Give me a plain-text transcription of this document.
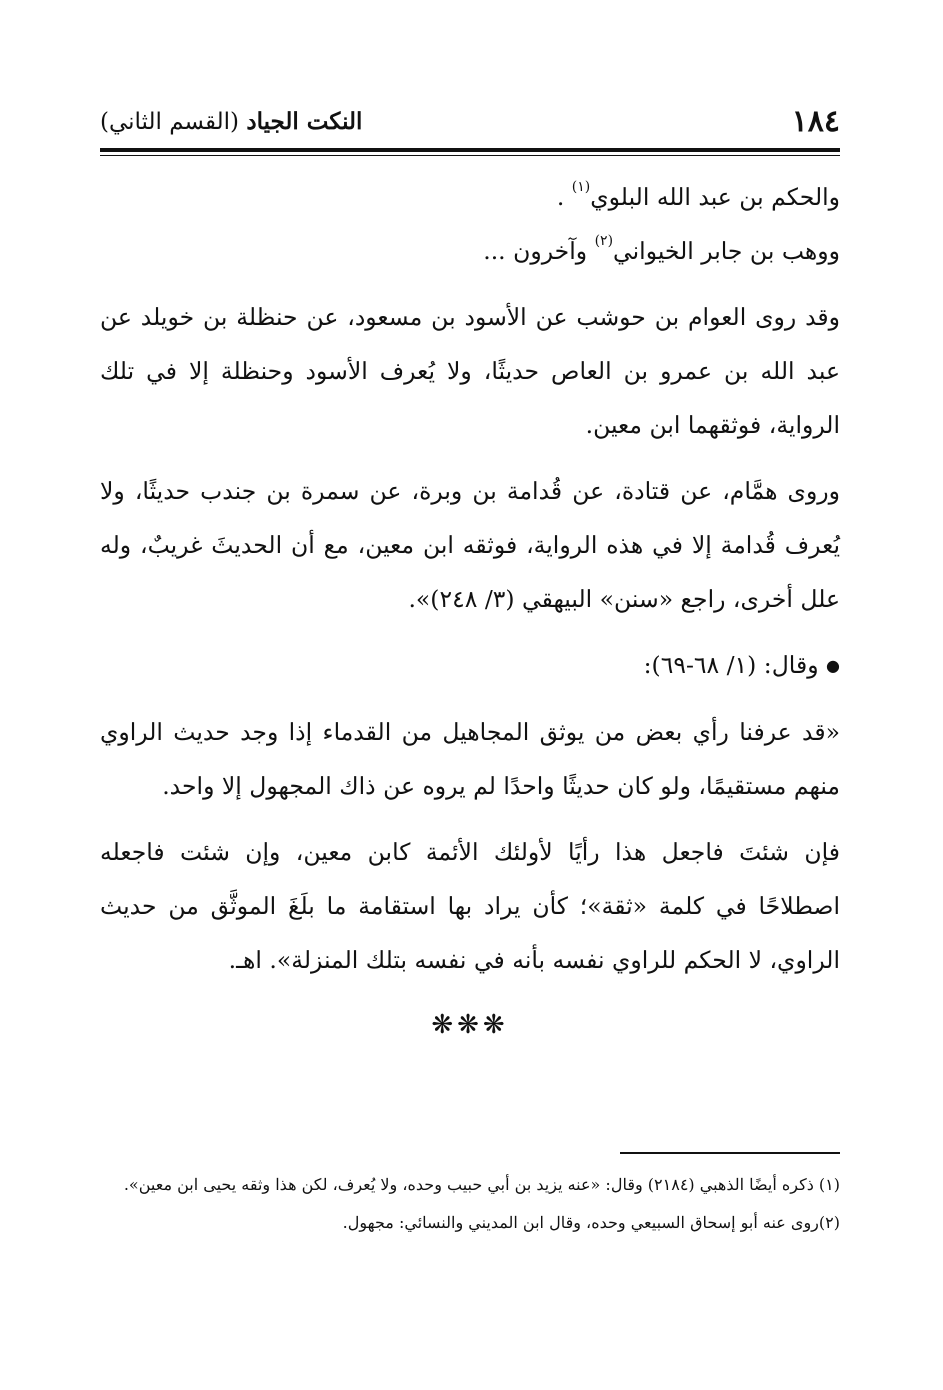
١٨٤
النكت الجياد (القسم الثاني)

والحكم بن عبد الله البلوي$^{(١)}$ .

ووهب بن جابر الخيواني$^{(٢)}$ وآخرون ...

وقد روى العوام بن حوشب عن الأسود بن مسعود، عن حنظلة بن خويلد عن عبد الله بن عمرو بن العاص حديثًا، ولا يُعرف الأسود وحنظلة إلا في تلك الرواية، فوثقهما ابن معين.

وروى همَّام، عن قتادة، عن قُدامة بن وبرة، عن سمرة بن جندب حديثًا، ولا يُعرف قُدامة إلا في هذه الرواية، فوثقه ابن معين، مع أن الحديثَ غريبٌ، وله علل أخرى، راجع «سنن» البيهقي (٣/ ٢٤٨)».

● وقال: (١/ ٦٨-٦٩):

«قد عرفنا رأي بعض من يوثق المجاهيل من القدماء إذا وجد حديث الراوي منهم مستقيمًا، ولو كان حديثًا واحدًا لم يروه عن ذاك المجهول إلا واحد.

فإن شئتَ فاجعل هذا رأيًا لأولئك الأئمة كابن معين، وإن شئت فاجعله اصطلاحًا في كلمة «ثقة»؛ كأن يراد بها استقامة ما بلَغَ الموثَّق من حديث الراوي، لا الحكم للراوي نفسه بأنه في نفسه بتلك المنزلة». اهـ.

❋❋❋

(١) ذكره أيضًا الذهبي (٢١٨٤) وقال: «عنه يزيد بن أبي حبيب وحده، ولا يُعرف، لكن هذا وثقه يحيى ابن معين».

(٢)روى عنه أبو إسحاق السبيعي وحده، وقال ابن المديني والنسائي: مجهول.
